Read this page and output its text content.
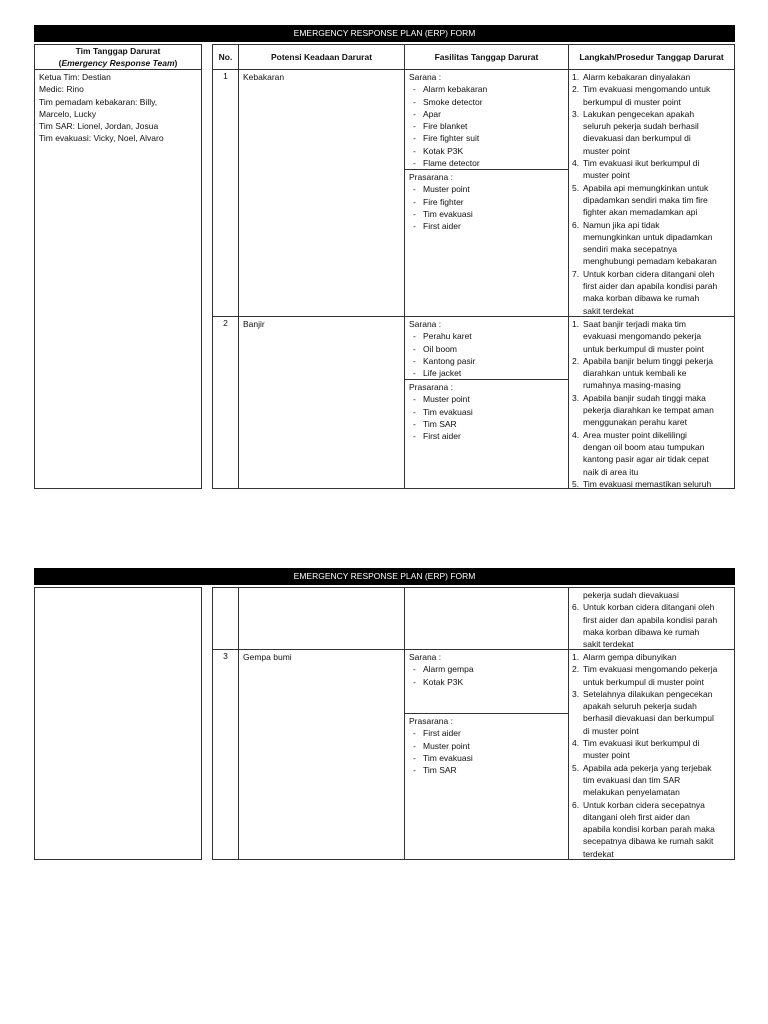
EMERGENCY RESPONSE PLAN (ERP) FORM
Tim Tanggap Darurat
(Emergency Response Team)
Ketua Tim: Destian
Medic: Rino
Tim pemadam kebakaran: Billy,
Marcelo, Lucky
Tim SAR: Lionel, Jordan, Josua
Tim evakuasi: Vicky, Noel, Alvaro
No.	Potensi Keadaan Darurat	Fasilitas Tanggap Darurat	Langkah/Prosedur Tanggap Darurat
1	Kebakaran	Sarana :
- Alarm kebakaran
- Smoke detector
- Apar
- Fire blanket
- Fire fighter suit
- Kotak P3K
- Flame detector
Prasarana :
- Muster point
- Fire fighter
- Tim evakuasi
- First aider
1. Alarm kebakaran dinyalakan
2. Tim evakuasi mengomando untuk
berkumpul di muster point
3. Lakukan pengecekan apakah
seluruh pekerja sudah berhasil
dievakuasi dan berkumpul di
muster point
4. Tim evakuasi ikut berkumpul di
muster point
5. Apabila api memungkinkan untuk
dipadamkan sendiri maka tim fire
fighter akan memadamkan api
6. Namun jika api tidak
memungkinkan untuk dipadamkan
sendiri maka secepatnya
menghubungi pemadam kebakaran
7. Untuk korban cidera ditangani oleh
first aider dan apabila kondisi parah
maka korban dibawa ke rumah
sakit terdekat
2	Banjir	Sarana :
- Perahu karet
- Oil boom
- Kantong pasir
- Life jacket
Prasarana :
- Muster point
- Tim evakuasi
- Tim SAR
- First aider
1. Saat banjir terjadi maka tim
evakuasi mengomando pekerja
untuk berkumpul di muster point
2. Apabila banjir belum tinggi pekerja
diarahkan untuk kembali ke
rumahnya masing-masing
3. Apabila banjir sudah tinggi maka
pekerja diarahkan ke tempat aman
menggunakan perahu karet
4. Area muster point dikelilingi
dengan oil boom atau tumpukan
kantong pasir agar air tidak cepat
naik di area itu
5. Tim evakuasi memastikan seluruh
EMERGENCY RESPONSE PLAN (ERP) FORM
pekerja sudah dievakuasi
6. Untuk korban cidera ditangani oleh
first aider dan apabila kondisi parah
maka korban dibawa ke rumah
sakit terdekat
3	Gempa bumi	Sarana :
- Alarm gempa
- Kotak P3K
Prasarana :
- First aider
- Muster point
- Tim evakuasi
- Tim SAR
1. Alarm gempa dibunyikan
2. Tim evakuasi mengomando pekerja
untuk berkumpul di muster point
3. Setelahnya dilakukan pengecekan
apakah seluruh pekerja sudah
berhasil dievakuasi dan berkumpul
di muster point
4. Tim evakuasi ikut berkumpul di
muster point
5. Apabila ada pekerja yang terjebak
tim evakuasi dan tim SAR
melakukan penyelamatan
6. Untuk korban cidera secepatnya
ditangani oleh first aider dan
apabila kondisi korban parah maka
secepatnya dibawa ke rumah sakit
terdekat
